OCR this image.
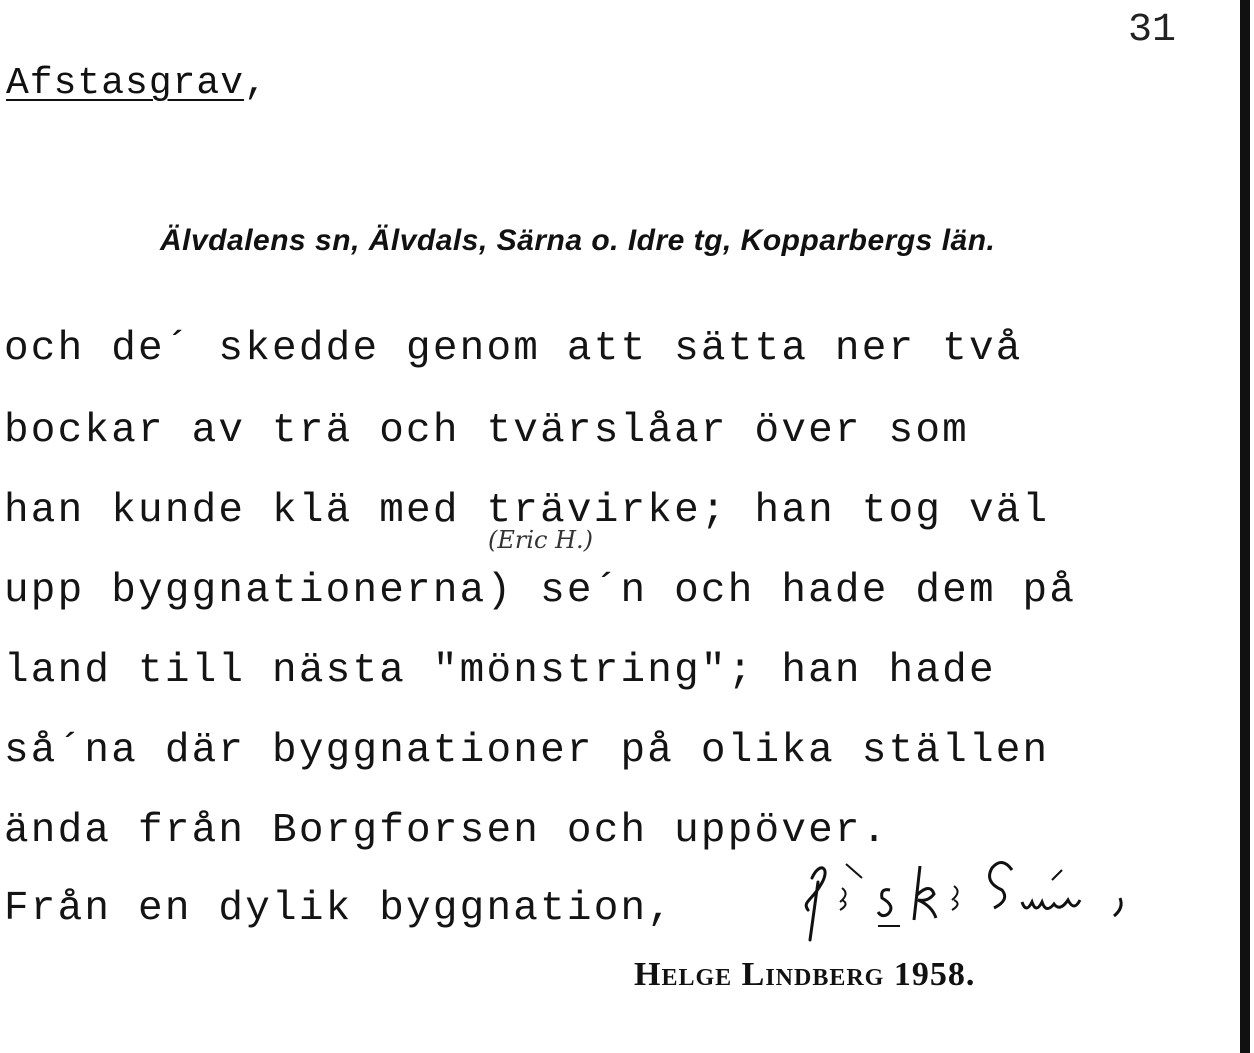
31
Afstasgrav,
Älvdalens sn, Älvdals, Särna o. Idre tg, Kopparbergs län.
och de´ skedde genom att sätta ner två
bockar av trä och tvärslåar över som
han kunde klä med trävirke; han tog väl
upp byggnationerna) se´n och hade dem på
land till nästa "mönstring"; han hade
så´na där byggnationer på olika ställen
ända från Borgforsen och uppöver.
Från en dylik byggnation,
(Eric H.)
Helge Lindberg 1958.
